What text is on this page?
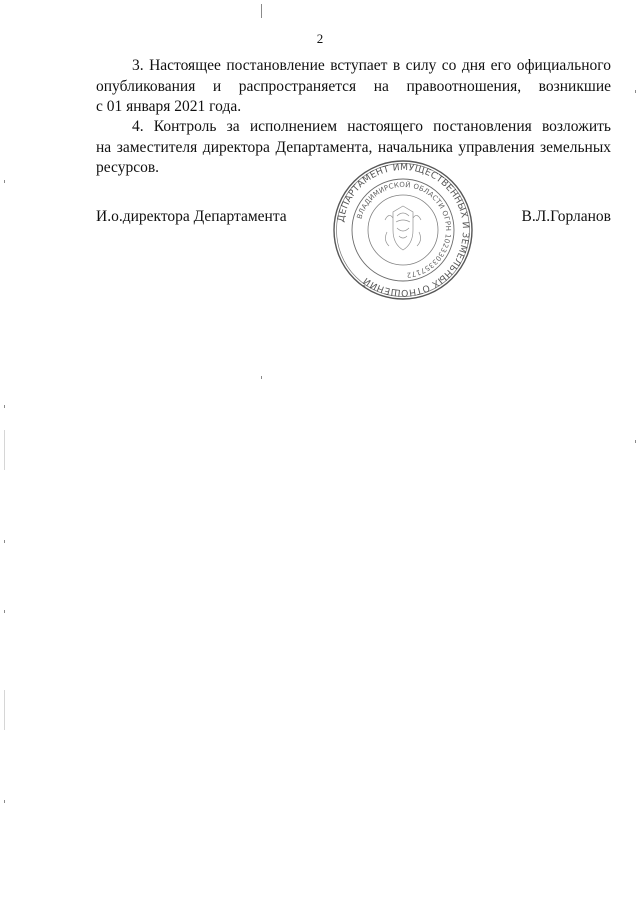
2
3. Настоящее постановление вступает в силу со дня его официального
опубликования и распространяется на правоотношения, возникшие
с 01 января 2021 года.
4. Контроль за исполнением настоящего постановления возложить
на заместителя директора Департамента, начальника управления земельных
ресурсов.
ДЕПАРТАМЕНТ ИМУЩЕСТВЕННЫХ И ЗЕМЕЛЬНЫХ ОТНОШЕНИЙ
ВЛАДИМИРСКОЙ ОБЛАСТИ ОГРН 1023303357172
И.о.директора Департамента	В.Л.Горланов
